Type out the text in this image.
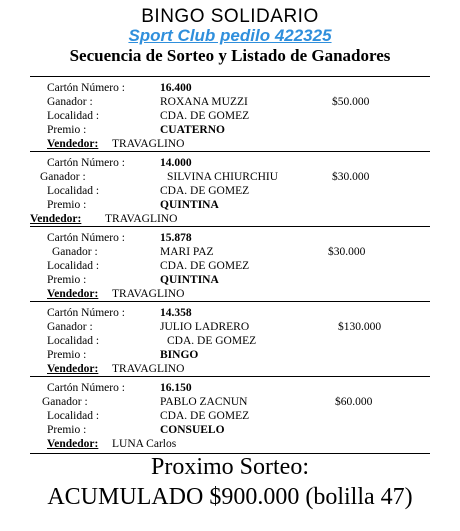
BINGO SOLIDARIO
Sport Club pedilo 422325
Secuencia de Sorteo y Listado de Ganadores
Cartón Número :	16.400
Ganador :	ROXANA MUZZI	$50.000
Localidad :	CDA. DE GOMEZ
Premio :	CUATERNO
Vendedor: TRAVAGLINO
Cartón Número :	14.000
Ganador :	SILVINA CHIURCHIU	$30.000
Localidad :	CDA. DE GOMEZ
Premio :	QUINTINA
Vendedor: TRAVAGLINO
Cartón Número :	15.878
Ganador :	MARI PAZ	$30.000
Localidad :	CDA. DE GOMEZ
Premio :	QUINTINA
Vendedor: TRAVAGLINO
Cartón Número :	14.358
Ganador :	JULIO LADRERO	$130.000
Localidad :	CDA. DE GOMEZ
Premio :	BINGO
Vendedor: TRAVAGLINO
Cartón Número :	16.150
Ganador :	PABLO ZACNUN	$60.000
Localidad :	CDA. DE GOMEZ
Premio :	CONSUELO
Vendedor: LUNA Carlos
Proximo Sorteo:
ACUMULADO $900.000 (bolilla 47)
